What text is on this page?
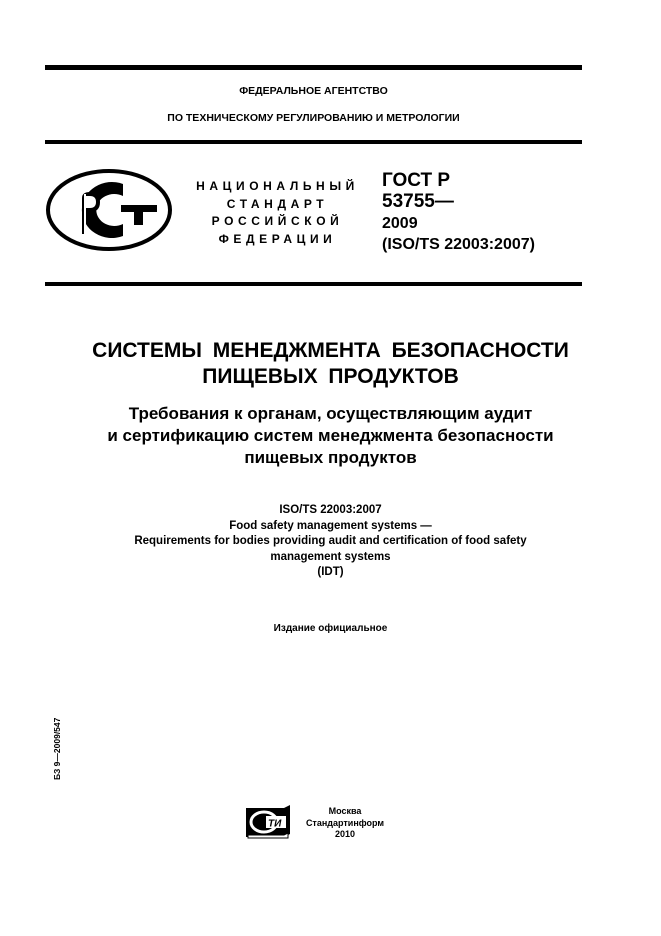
ФЕДЕРАЛЬНОЕ АГЕНТСТВО
ПО ТЕХНИЧЕСКОМУ РЕГУЛИРОВАНИЮ И МЕТРОЛОГИИ
НАЦИОНАЛЬНЫЙ
СТАНДАРТ
РОССИЙСКОЙ
ФЕДЕРАЦИИ
ГОСТ Р
53755—
2009
(ISO/TS 22003:2007)
СИСТЕМЫ МЕНЕДЖМЕНТА БЕЗОПАСНОСТИ
ПИЩЕВЫХ ПРОДУКТОВ
Требования к органам, осуществляющим аудит
и сертификацию систем менеджмента безопасности
пищевых продуктов
ISO/TS 22003:2007
Food safety management systems —
Requirements for bodies providing audit and certification of food safety
management systems
(IDT)
Издание официальное
БЗ 9—2009/547
ТИ
Москва
Стандартинформ
2010
